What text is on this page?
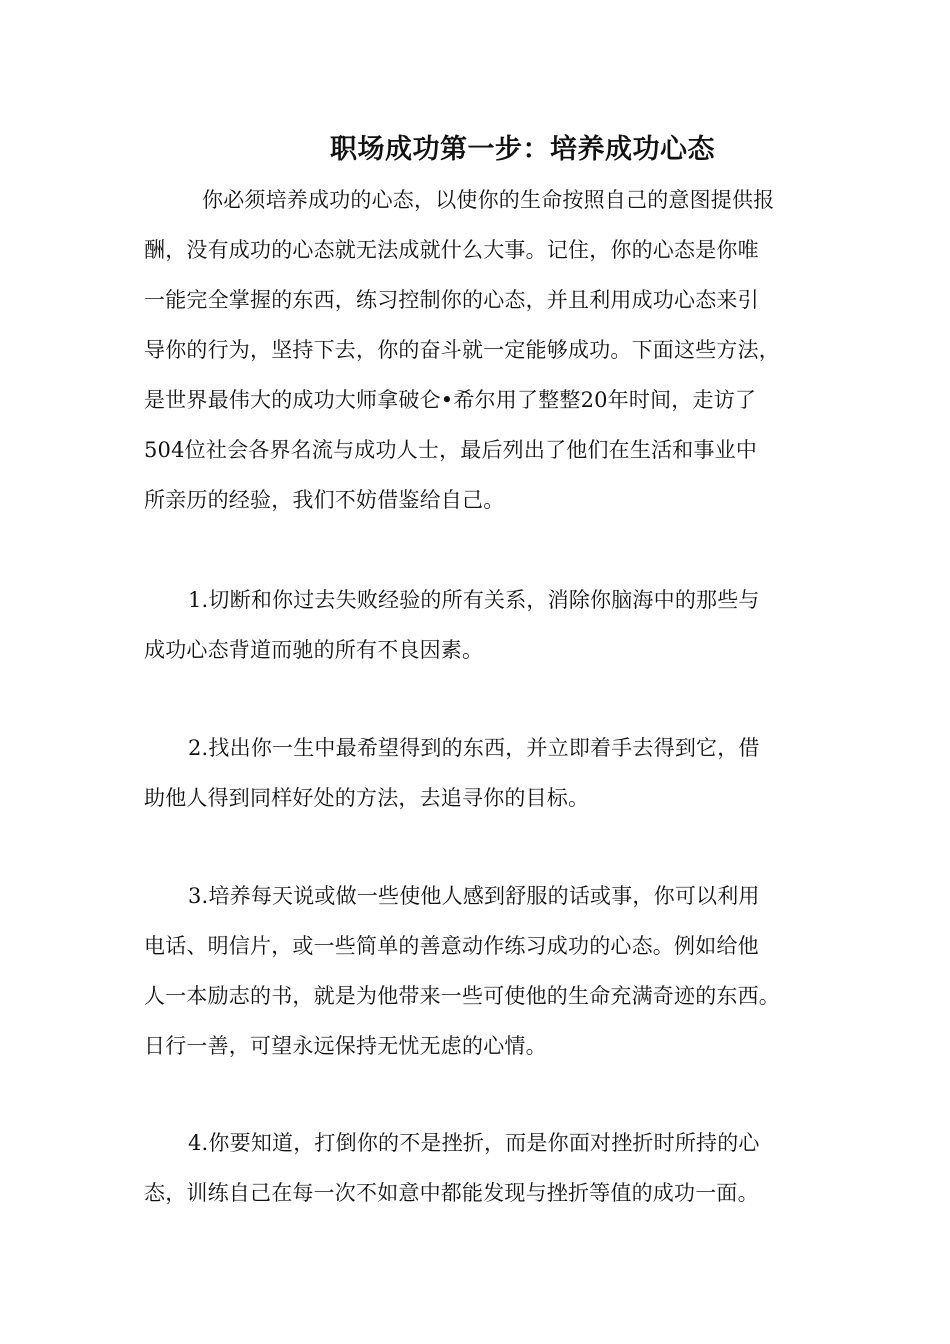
职场成功第一步：培养成功心态
你必须培养成功的心态，以使你的生命按照自己的意图提供报
酬，没有成功的心态就无法成就什么大事。记住，你的心态是你唯
一能完全掌握的东西，练习控制你的心态，并且利用成功心态来引
导你的行为，坚持下去，你的奋斗就一定能够成功。下面这些方法，
是世界最伟大的成功大师拿破仑•希尔用了整整20年时间，走访了
504位社会各界名流与成功人士，最后列出了他们在生活和事业中
所亲历的经验，我们不妨借鉴给自己。
1.切断和你过去失败经验的所有关系，消除你脑海中的那些与
成功心态背道而驰的所有不良因素。
2.找出你一生中最希望得到的东西，并立即着手去得到它，借
助他人得到同样好处的方法，去追寻你的目标。
3.培养每天说或做一些使他人感到舒服的话或事，你可以利用
电话、明信片，或一些简单的善意动作练习成功的心态。例如给他
人一本励志的书，就是为他带来一些可使他的生命充满奇迹的东西。
日行一善，可望永远保持无忧无虑的心情。
4.你要知道，打倒你的不是挫折，而是你面对挫折时所持的心
态，训练自己在每一次不如意中都能发现与挫折等值的成功一面。
